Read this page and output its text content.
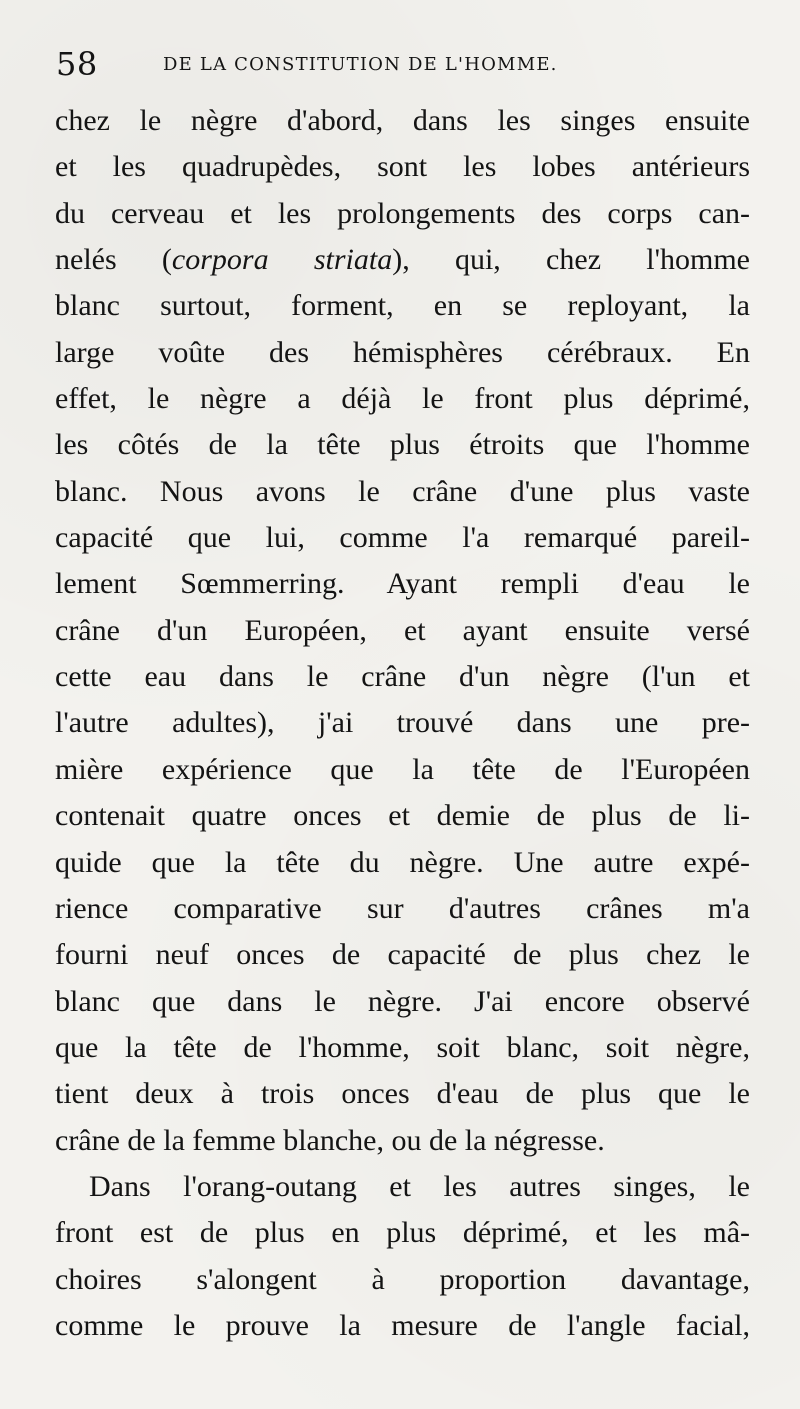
58	DE LA CONSTITUTION DE L'HOMME.
chez le nègre d'abord, dans les singes ensuite
et les quadrupèdes, sont les lobes antérieurs
du cerveau et les prolongements des corps can-
nelés (corpora striata), qui, chez l'homme
blanc surtout, forment, en se reployant, la
large voûte des hémisphères cérébraux. En
effet, le nègre a déjà le front plus déprimé,
les côtés de la tête plus étroits que l'homme
blanc. Nous avons le crâne d'une plus vaste
capacité que lui, comme l'a remarqué pareil-
lement Sœmmerring. Ayant rempli d'eau le
crâne d'un Européen, et ayant ensuite versé
cette eau dans le crâne d'un nègre (l'un et
l'autre adultes), j'ai trouvé dans une pre-
mière expérience que la tête de l'Européen
contenait quatre onces et demie de plus de li-
quide que la tête du nègre. Une autre expé-
rience comparative sur d'autres crânes m'a
fourni neuf onces de capacité de plus chez le
blanc que dans le nègre. J'ai encore observé
que la tête de l'homme, soit blanc, soit nègre,
tient deux à trois onces d'eau de plus que le
crâne de la femme blanche, ou de la négresse.
Dans l'orang-outang et les autres singes, le
front est de plus en plus déprimé, et les mâ-
choires s'alongent à proportion davantage,
comme le prouve la mesure de l'angle facial,
